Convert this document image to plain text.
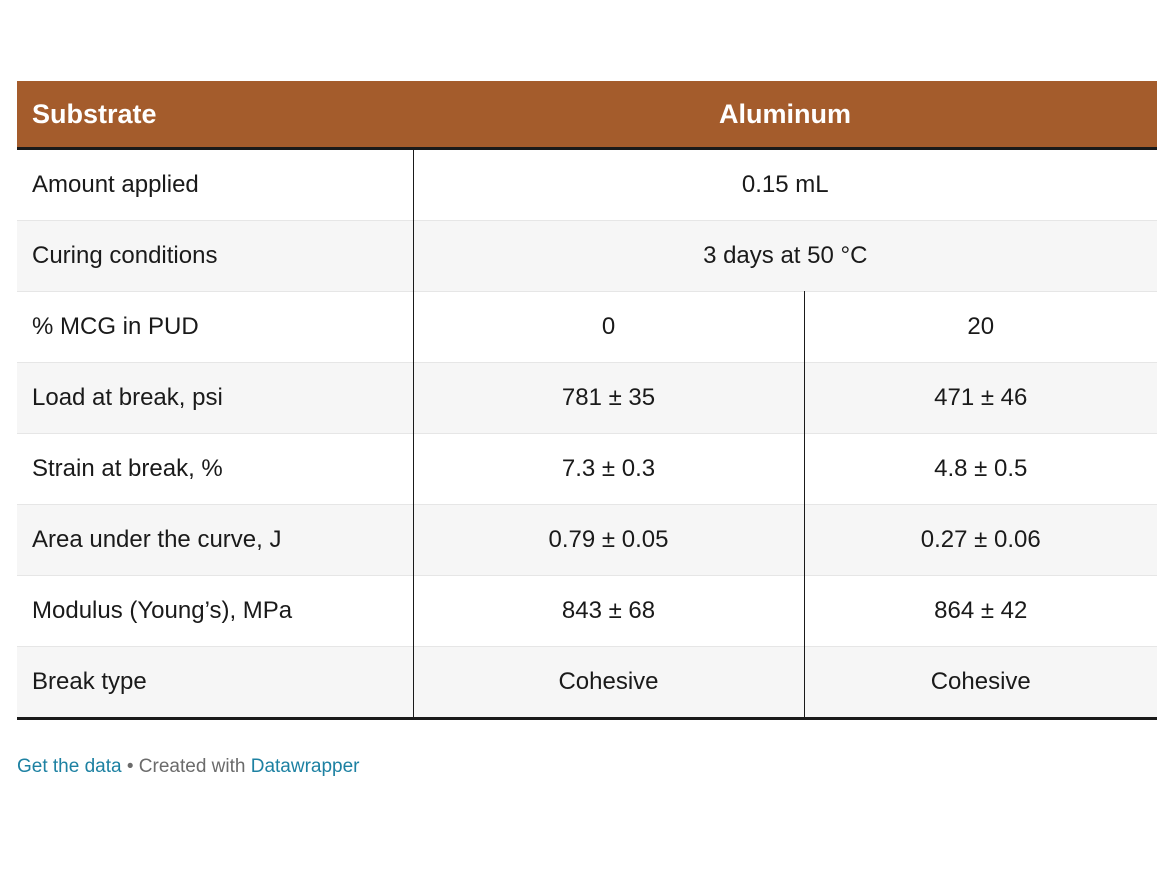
Substrate	Aluminum	
Amount applied	0.15 mL	
Curing conditions	3 days at 50 °C	
% MCG in PUD	0	20
Load at break, psi	781 ± 35	471 ± 46
Strain at break, %	7.3 ± 0.3	4.8 ± 0.5
Area under the curve, J	0.79 ± 0.05	0.27 ± 0.06
Modulus (Young’s), MPa	843 ± 68	864 ± 42
Break type	Cohesive	Cohesive
Get the data • Created with Datawrapper
